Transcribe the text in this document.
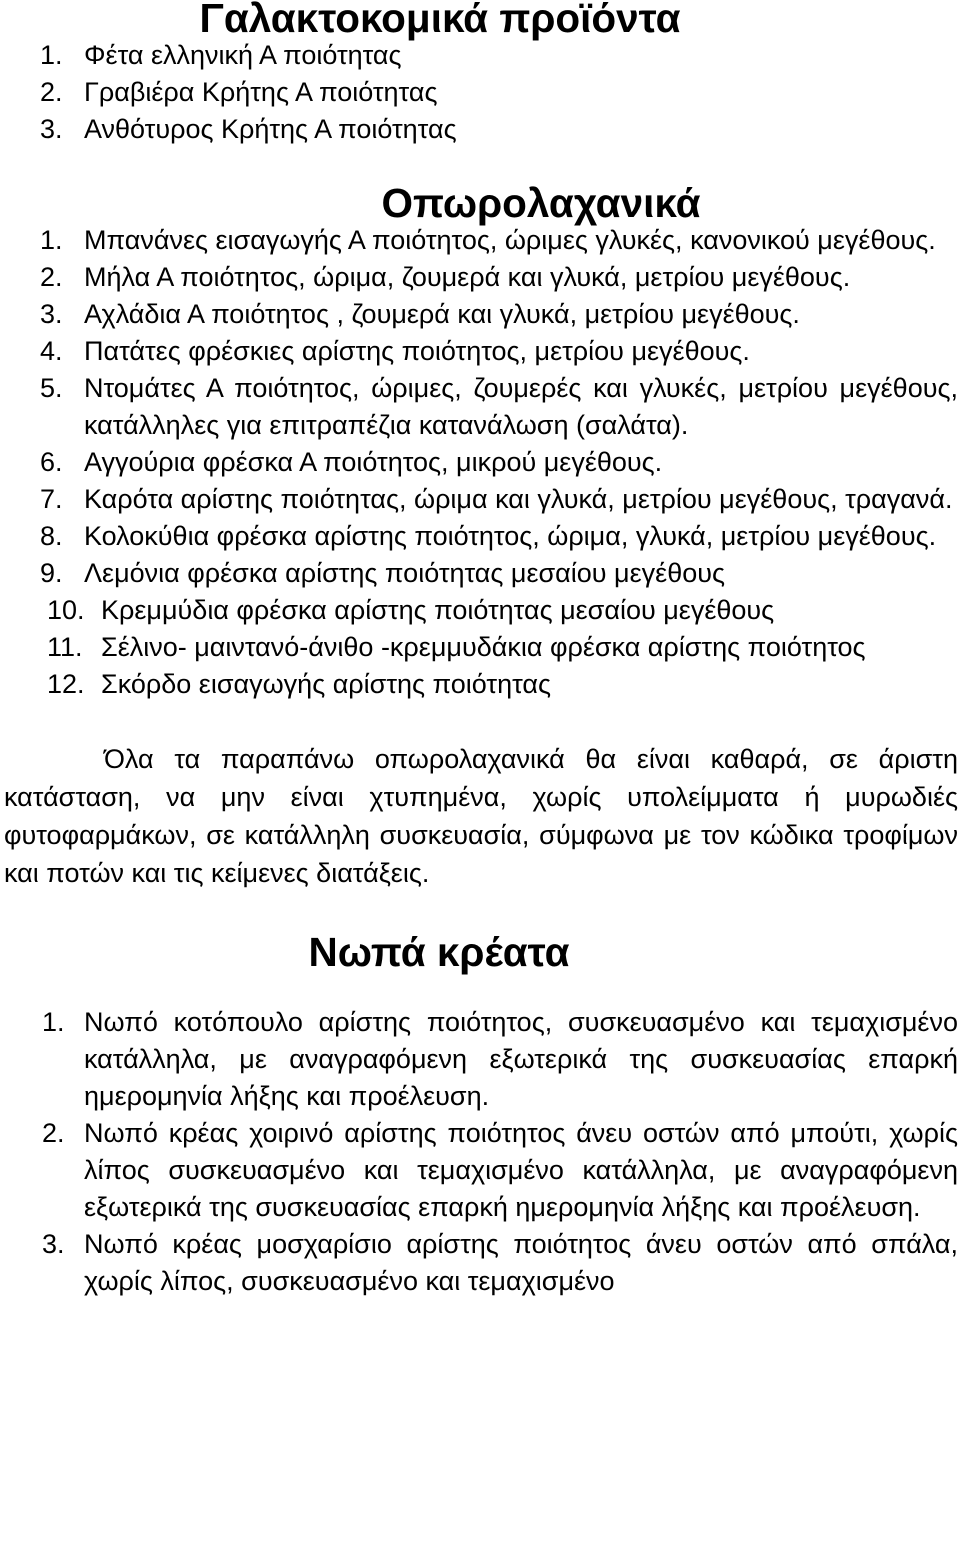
Γαλακτοκομικά προϊόντα
1. Φέτα ελληνική Α ποιότητας
2. Γραβιέρα Κρήτης Α ποιότητας
3. Ανθότυρος Κρήτης Α ποιότητας
Οπωρολαχανικά
1. Μπανάνες εισαγωγής Α ποιότητος, ώριμες γλυκές, κανονικού μεγέθους.
2. Μήλα Α ποιότητος, ώριμα, ζουμερά και γλυκά, μετρίου μεγέθους.
3. Αχλάδια Α ποιότητος , ζουμερά και γλυκά, μετρίου μεγέθους.
4. Πατάτες φρέσκιες αρίστης ποιότητος, μετρίου μεγέθους.
5. Ντομάτες Α ποιότητος, ώριμες, ζουμερές και γλυκές, μετρίου μεγέθους, κατάλληλες για επιτραπέζια κατανάλωση (σαλάτα).
6. Αγγούρια φρέσκα Α ποιότητος, μικρού μεγέθους.
7. Καρότα αρίστης ποιότητας, ώριμα και γλυκά, μετρίου μεγέθους, τραγανά.
8. Κολοκύθια φρέσκα αρίστης ποιότητος, ώριμα, γλυκά, μετρίου μεγέθους.
9. Λεμόνια φρέσκα αρίστης ποιότητας μεσαίου μεγέθους
10. Κρεμμύδια φρέσκα αρίστης ποιότητας μεσαίου μεγέθους
11. Σέλινο- μαιντανό-άνιθο -κρεμμυδάκια φρέσκα αρίστης ποιότητος
12. Σκόρδο εισαγωγής αρίστης ποιότητας

Όλα τα παραπάνω οπωρολαχανικά θα είναι καθαρά, σε άριστη κατάσταση, να μην είναι χτυπημένα, χωρίς υπολείμματα ή μυρωδιές φυτοφαρμάκων, σε κατάλληλη συσκευασία, σύμφωνα με τον κώδικα τροφίμων και ποτών και τις κείμενες διατάξεις.

Νωπά κρέατα
1. Νωπό κοτόπουλο αρίστης ποιότητος, συσκευασμένο και τεμαχισμένο κατάλληλα, με αναγραφόμενη εξωτερικά της συσκευασίας επαρκή ημερομηνία λήξης και προέλευση.
2. Νωπό κρέας χοιρινό αρίστης ποιότητος άνευ οστών από μπούτι, χωρίς λίπος συσκευασμένο και τεμαχισμένο κατάλληλα, με αναγραφόμενη εξωτερικά της συσκευασίας επαρκή ημερομηνία λήξης και προέλευση.
3. Νωπό κρέας μοσχαρίσιο αρίστης ποιότητος άνευ οστών από σπάλα, χωρίς λίπος, συσκευασμένο και τεμαχισμένο
